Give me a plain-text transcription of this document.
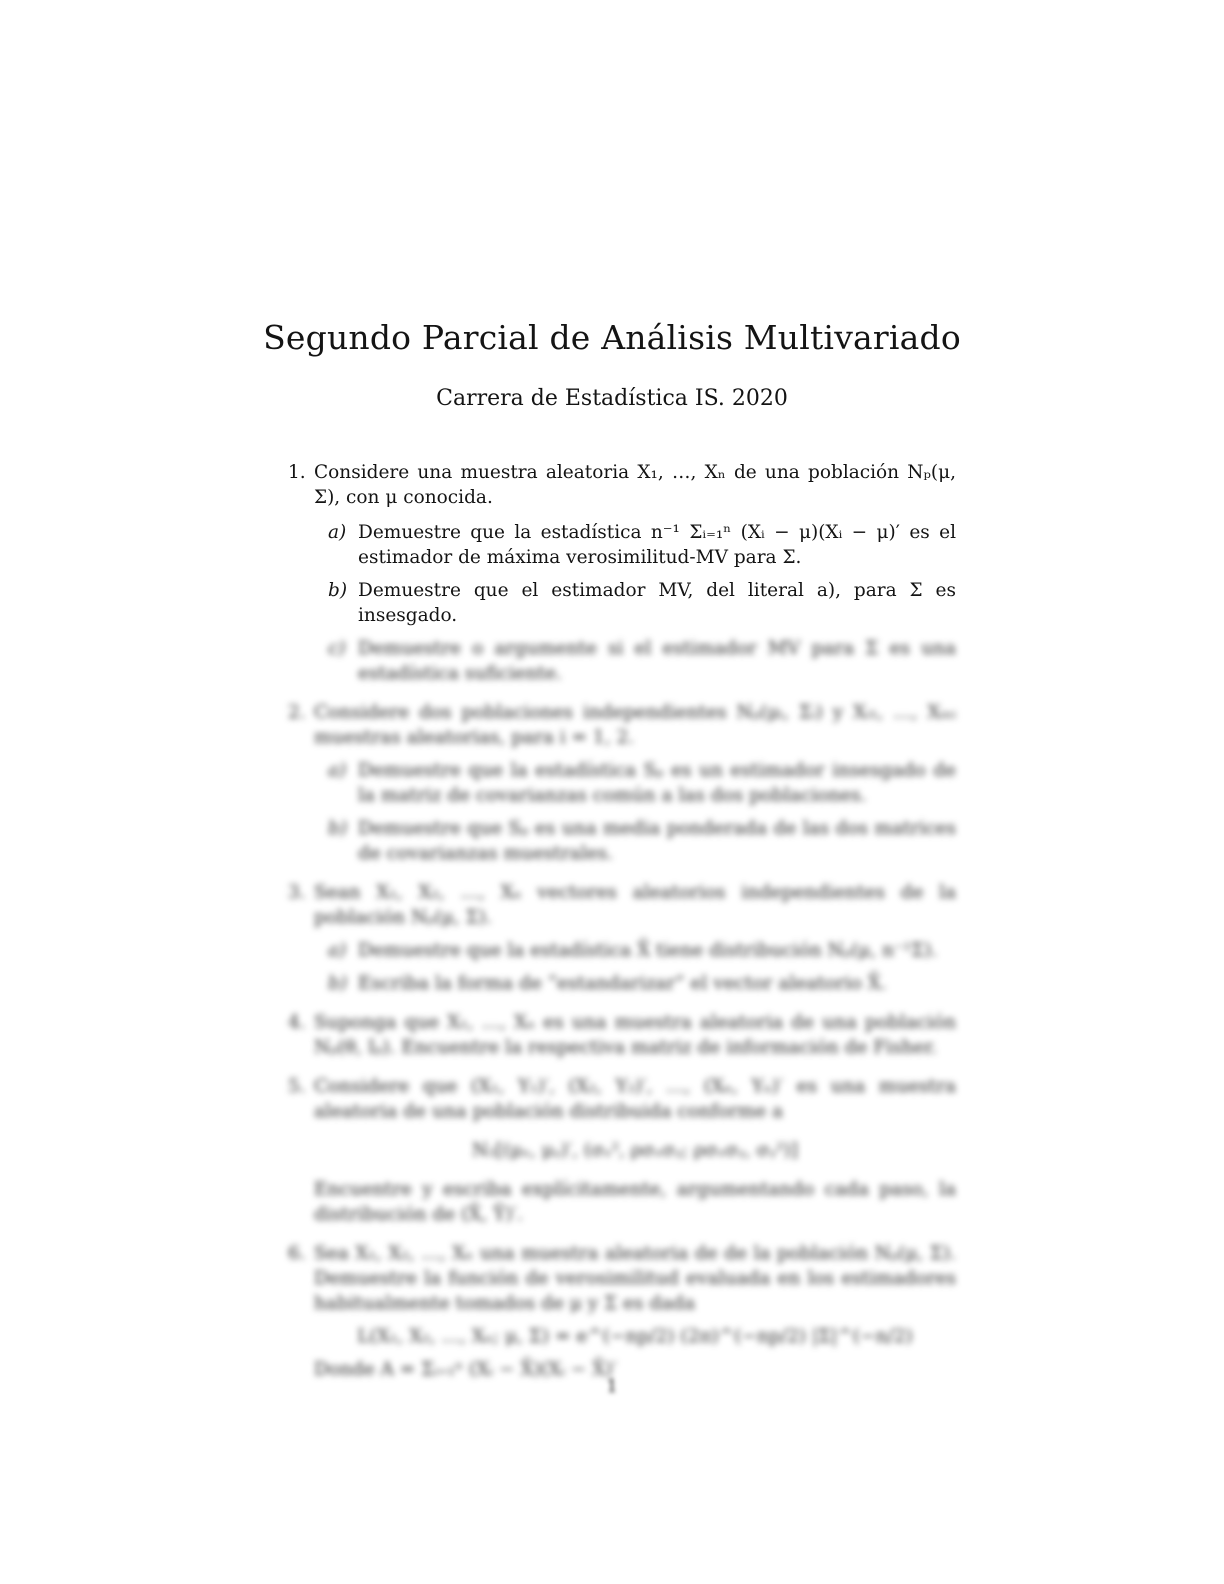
Segundo Parcial de Análisis Multivariado
Carrera de Estadística IS. 2020
1. Considere una muestra aleatoria X₁, …, Xₙ de una población Nₚ(μ, Σ), con μ conocida.
a) Demuestre que la estadística n⁻¹ Σᵢ₌₁ⁿ (Xᵢ − μ)(Xᵢ − μ)′ es el estimador de máxima verosimilitud-MV para Σ.
b) Demuestre que el estimador MV, del literal a), para Σ es insesgado.
c) Demuestre o argumente si el estimador MV para Σ es una estadística suficiente.
2. Considere dos poblaciones independientes Nₚ(μᵢ, Σᵢ) y Xᵢ₁, …, Xᵢₙᵢ muestras aleatorias, para i = 1, 2.
a) Demuestre que la estadística Sₚ es un estimador insesgado de la matriz de covarianzas común a las dos poblaciones.
b) Demuestre que Sₚ es una media ponderada de las dos matrices de covarianzas muestrales.
3. Sean X₁, X₂, …, Xₙ vectores aleatorios independientes de la población Nₚ(μ, Σ).
a) Demuestre que la estadística X̄ tiene distribución Nₚ(μ, n⁻¹Σ).
b) Escriba la forma de “estandarizar” el vector aleatorio X̄.
4. Suponga que X₁, …, Xₙ es una muestra aleatoria de una población Nₚ(θ, Iₚ). Encuentre la respectiva matriz de información de Fisher.
5. Considere que (X₁, Y₁)′, (X₂, Y₂)′, …, (Xₙ, Yₙ)′ es una muestra aleatoria de una población distribuida conforme a
N₂[(μₓ, μᵧ)′, (σₓ², ρσₓσᵧ; ρσₓσᵧ, σᵧ²)]
Encuentre y escriba explícitamente, argumentando cada paso, la distribución de (X̄, Ȳ)′.
6. Sea X₁, X₂, …, Xₙ una muestra aleatoria de de la población Nₚ(μ, Σ). Demuestre la función de verosimilitud evaluada en los estimadores habitualmente tomados de μ y Σ es dada
L(X₁, X₂, …, Xₙ; μ, Σ) = e^(−np/2) (2π)^(−np/2) |Σ|^(−n/2)
Donde A = Σᵢ₌₁ⁿ (Xᵢ − X̄)(Xᵢ − X̄)′
1
